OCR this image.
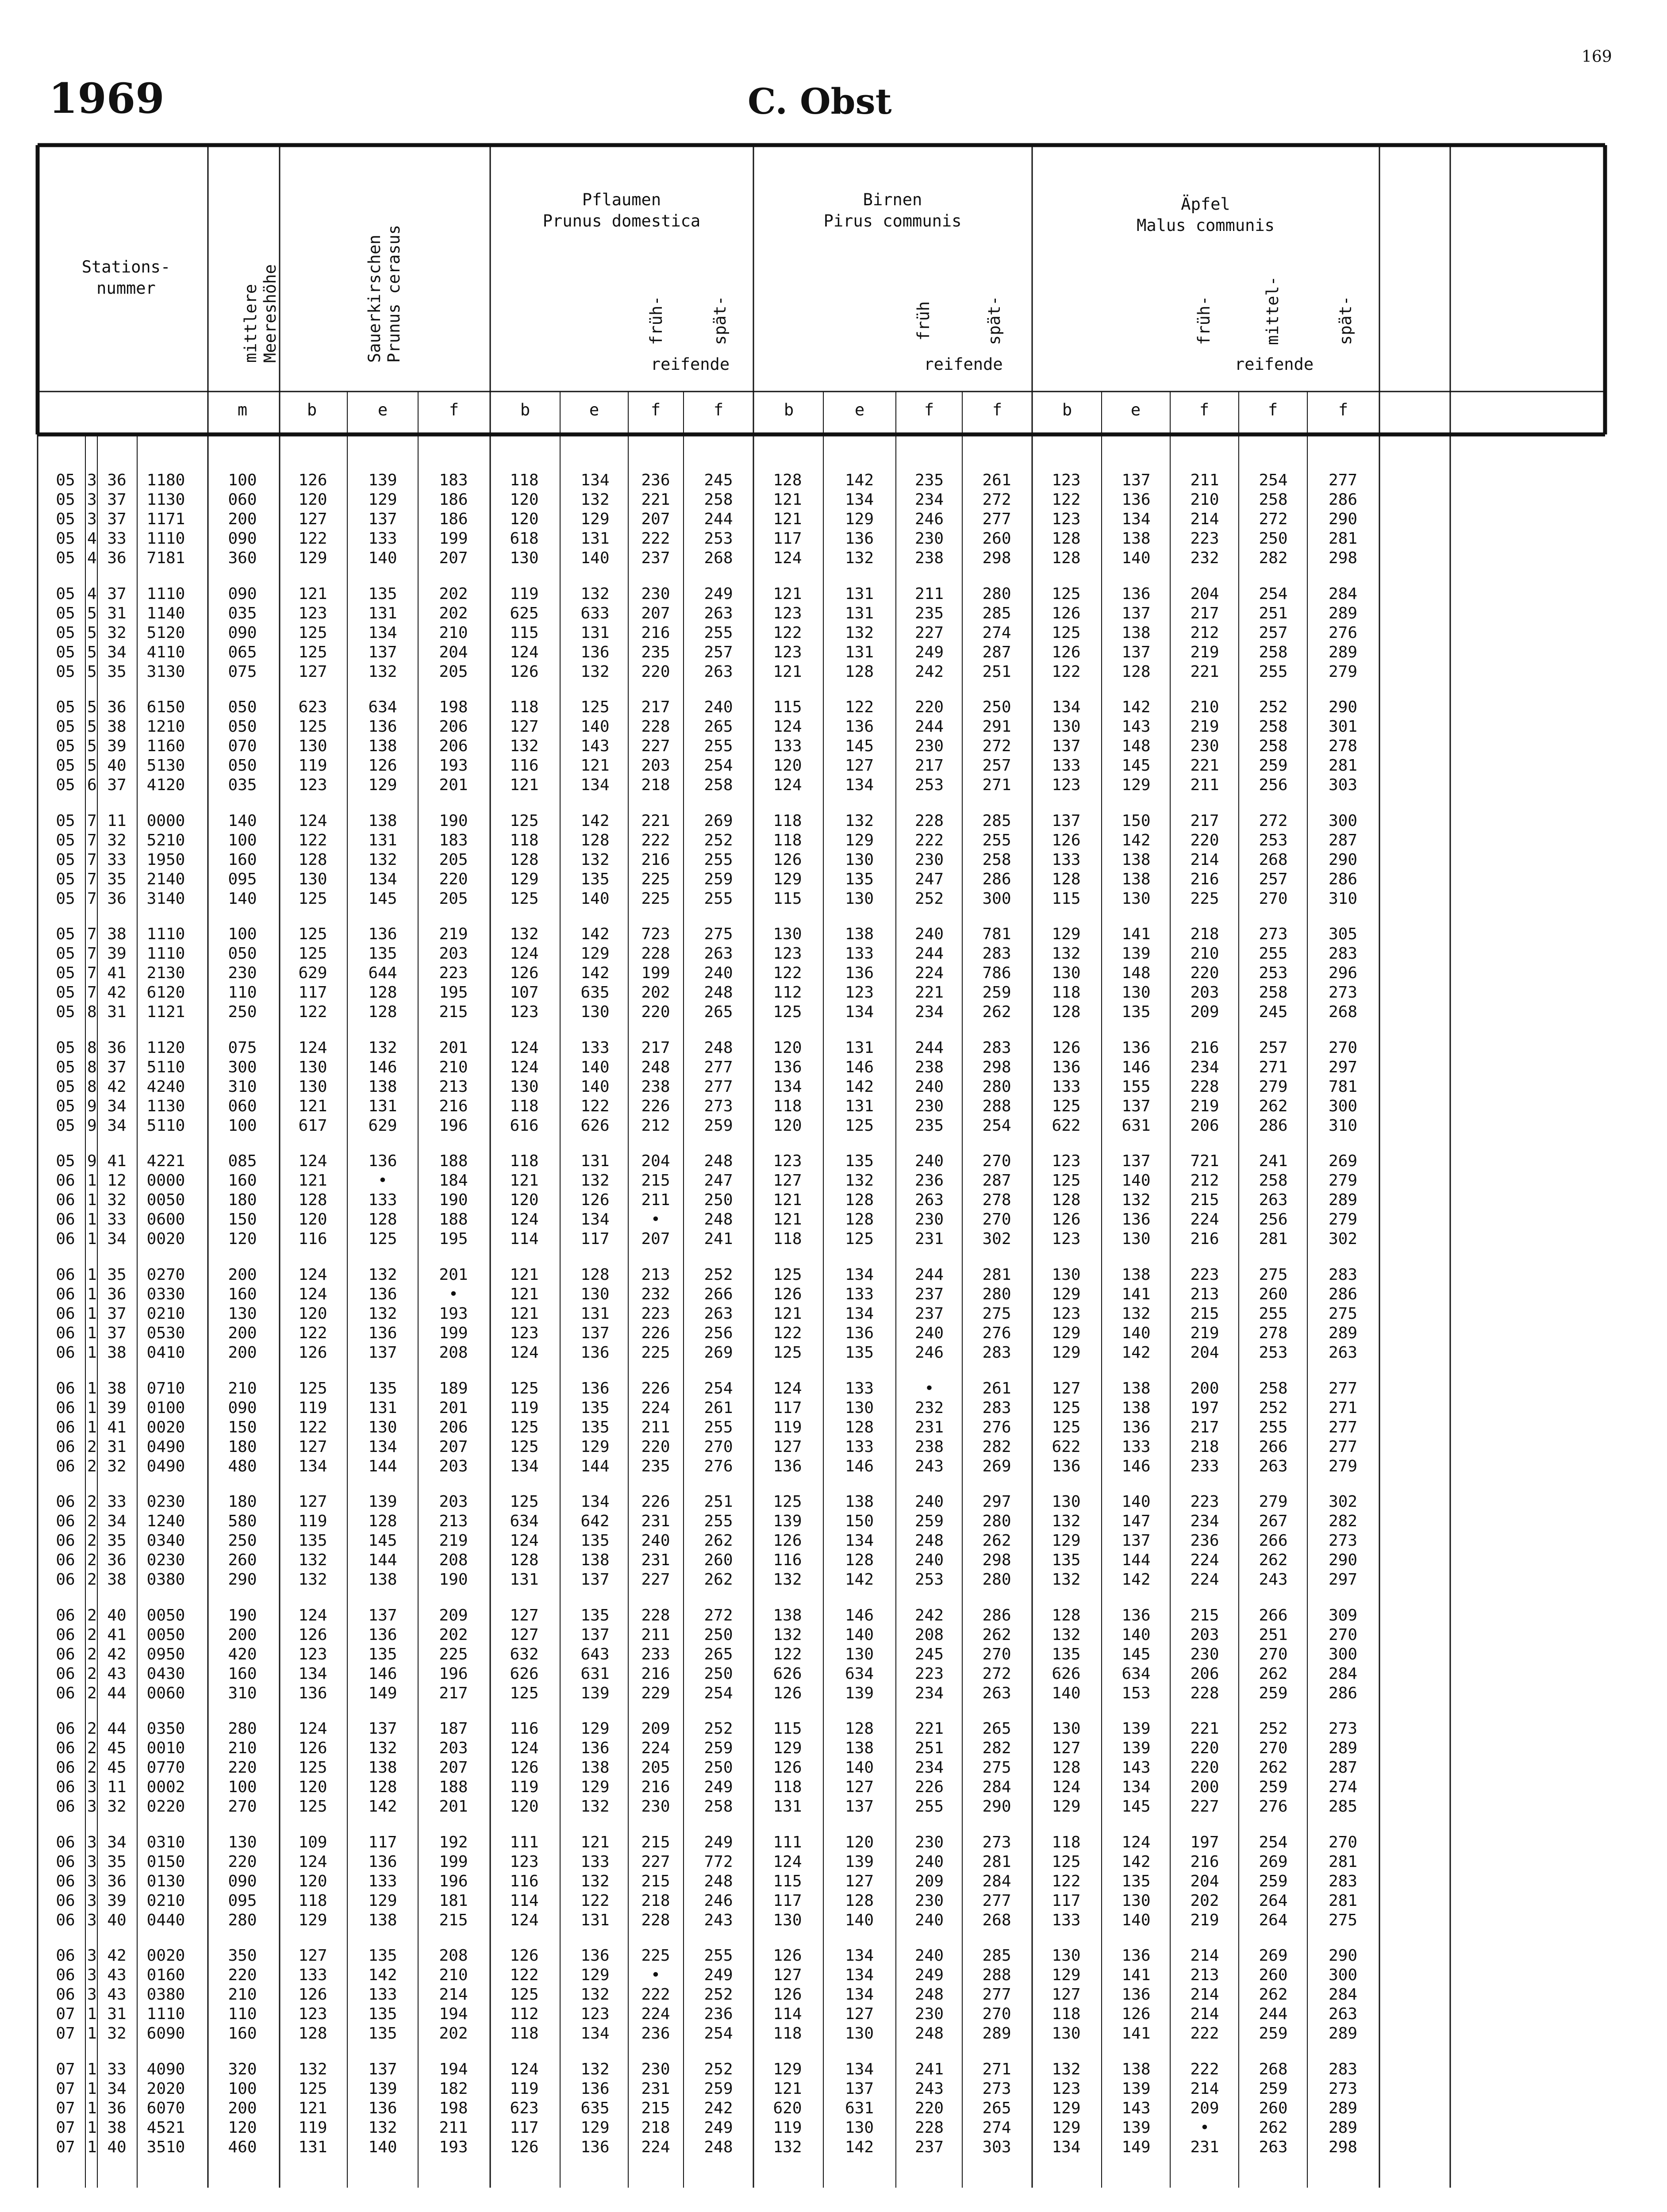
1969	C. Obst
169
Stations-
nummer	mittlere
Meereshöhe	Sauerkirschen
Prunus cerasus
Pflaumen
Prunus domestica
Birnen
Pirus communis
Äpfel
Malus communis
früh-	spät-	früh	spät-	früh-	mittel-	spät-
reifende	reifende	reifende
m	b	e	f	b	e	f	f	b	e	f	f	b	e	f	f	f
05 3 36	1180	100	126	139	183	118	134	236	245	128	142	235	261	123	137	211	254	277
05 3 37	1130	060	120	129	186	120	132	221	258	121	134	234	272	122	136	210	258	286
05 3 37	1171	200	127	137	186	120	129	207	244	121	129	246	277	123	134	214	272	290
05 4 33	1110	090	122	133	199	618	131	222	253	117	136	230	260	128	138	223	250	281
05 4 36	7181	360	129	140	207	130	140	237	268	124	132	238	298	128	140	232	282	298
05 4 37	1110	090	121	135	202	119	132	230	249	121	131	211	280	125	136	204	254	284
05 5 31	1140	035	123	131	202	625	633	207	263	123	131	235	285	126	137	217	251	289
05 5 32	5120	090	125	134	210	115	131	216	255	122	132	227	274	125	138	212	257	276
05 5 34	4110	065	125	137	204	124	136	235	257	123	131	249	287	126	137	219	258	289
05 5 35	3130	075	127	132	205	126	132	220	263	121	128	242	251	122	128	221	255	279
05 5 36	6150	050	623	634	198	118	125	217	240	115	122	220	250	134	142	210	252	290
05 5 38	1210	050	125	136	206	127	140	228	265	124	136	244	291	130	143	219	258	301
05 5 39	1160	070	130	138	206	132	143	227	255	133	145	230	272	137	148	230	258	278
05 5 40	5130	050	119	126	193	116	121	203	254	120	127	217	257	133	145	221	259	281
05 6 37	4120	035	123	129	201	121	134	218	258	124	134	253	271	123	129	211	256	303
05 7 11	0000	140	124	138	190	125	142	221	269	118	132	228	285	137	150	217	272	300
05 7 32	5210	100	122	131	183	118	128	222	252	118	129	222	255	126	142	220	253	287
05 7 33	1950	160	128	132	205	128	132	216	255	126	130	230	258	133	138	214	268	290
05 7 35	2140	095	130	134	220	129	135	225	259	129	135	247	286	128	138	216	257	286
05 7 36	3140	140	125	145	205	125	140	225	255	115	130	252	300	115	130	225	270	310
05 7 38	1110	100	125	136	219	132	142	723	275	130	138	240	781	129	141	218	273	305
05 7 39	1110	050	125	135	203	124	129	228	263	123	133	244	283	132	139	210	255	283
05 7 41	2130	230	629	644	223	126	142	199	240	122	136	224	786	130	148	220	253	296
05 7 42	6120	110	117	128	195	107	635	202	248	112	123	221	259	118	130	203	258	273
05 8 31	1121	250	122	128	215	123	130	220	265	125	134	234	262	128	135	209	245	268
05 8 36	1120	075	124	132	201	124	133	217	248	120	131	244	283	126	136	216	257	270
05 8 37	5110	300	130	146	210	124	140	248	277	136	146	238	298	136	146	234	271	297
05 8 42	4240	310	130	138	213	130	140	238	277	134	142	240	280	133	155	228	279	781
05 9 34	1130	060	121	131	216	118	122	226	273	118	131	230	288	125	137	219	262	300
05 9 34	5110	100	617	629	196	616	626	212	259	120	125	235	254	622	631	206	286	310
05 9 41	4221	085	124	136	188	118	131	204	248	123	135	240	270	123	137	721	241	269
06 1 12	0000	160	121	•	184	121	132	215	247	127	132	236	287	125	140	212	258	279
06 1 32	0050	180	128	133	190	120	126	211	250	121	128	263	278	128	132	215	263	289
06 1 33	0600	150	120	128	188	124	134	•	248	121	128	230	270	126	136	224	256	279
06 1 34	0020	120	116	125	195	114	117	207	241	118	125	231	302	123	130	216	281	302
06 1 35	0270	200	124	132	201	121	128	213	252	125	134	244	281	130	138	223	275	283
06 1 36	0330	160	124	136	•	121	130	232	266	126	133	237	280	129	141	213	260	286
06 1 37	0210	130	120	132	193	121	131	223	263	121	134	237	275	123	132	215	255	275
06 1 37	0530	200	122	136	199	123	137	226	256	122	136	240	276	129	140	219	278	289
06 1 38	0410	200	126	137	208	124	136	225	269	125	135	246	283	129	142	204	253	263
06 1 38	0710	210	125	135	189	125	136	226	254	124	133	•	261	127	138	200	258	277
06 1 39	0100	090	119	131	201	119	135	224	261	117	130	232	283	125	138	197	252	271
06 1 41	0020	150	122	130	206	125	135	211	255	119	128	231	276	125	136	217	255	277
06 2 31	0490	180	127	134	207	125	129	220	270	127	133	238	282	622	133	218	266	277
06 2 32	0490	480	134	144	203	134	144	235	276	136	146	243	269	136	146	233	263	279
06 2 33	0230	180	127	139	203	125	134	226	251	125	138	240	297	130	140	223	279	302
06 2 34	1240	580	119	128	213	634	642	231	255	139	150	259	280	132	147	234	267	282
06 2 35	0340	250	135	145	219	124	135	240	262	126	134	248	262	129	137	236	266	273
06 2 36	0230	260	132	144	208	128	138	231	260	116	128	240	298	135	144	224	262	290
06 2 38	0380	290	132	138	190	131	137	227	262	132	142	253	280	132	142	224	243	297
06 2 40	0050	190	124	137	209	127	135	228	272	138	146	242	286	128	136	215	266	309
06 2 41	0050	200	126	136	202	127	137	211	250	132	140	208	262	132	140	203	251	270
06 2 42	0950	420	123	135	225	632	643	233	265	122	130	245	270	135	145	230	270	300
06 2 43	0430	160	134	146	196	626	631	216	250	626	634	223	272	626	634	206	262	284
06 2 44	0060	310	136	149	217	125	139	229	254	126	139	234	263	140	153	228	259	286
06 2 44	0350	280	124	137	187	116	129	209	252	115	128	221	265	130	139	221	252	273
06 2 45	0010	210	126	132	203	124	136	224	259	129	138	251	282	127	139	220	270	289
06 2 45	0770	220	125	138	207	126	138	205	250	126	140	234	275	128	143	220	262	287
06 3 11	0002	100	120	128	188	119	129	216	249	118	127	226	284	124	134	200	259	274
06 3 32	0220	270	125	142	201	120	132	230	258	131	137	255	290	129	145	227	276	285
06 3 34	0310	130	109	117	192	111	121	215	249	111	120	230	273	118	124	197	254	270
06 3 35	0150	220	124	136	199	123	133	227	772	124	139	240	281	125	142	216	269	281
06 3 36	0130	090	120	133	196	116	132	215	248	115	127	209	284	122	135	204	259	283
06 3 39	0210	095	118	129	181	114	122	218	246	117	128	230	277	117	130	202	264	281
06 3 40	0440	280	129	138	215	124	131	228	243	130	140	240	268	133	140	219	264	275
06 3 42	0020	350	127	135	208	126	136	225	255	126	134	240	285	130	136	214	269	290
06 3 43	0160	220	133	142	210	122	129	•	249	127	134	249	288	129	141	213	260	300
06 3 43	0380	210	126	133	214	125	132	222	252	126	134	248	277	127	136	214	262	284
07 1 31	1110	110	123	135	194	112	123	224	236	114	127	230	270	118	126	214	244	263
07 1 32	6090	160	128	135	202	118	134	236	254	118	130	248	289	130	141	222	259	289
07 1 33	4090	320	132	137	194	124	132	230	252	129	134	241	271	132	138	222	268	283
07 1 34	2020	100	125	139	182	119	136	231	259	121	137	243	273	123	139	214	259	273
07 1 36	6070	200	121	136	198	623	635	215	242	620	631	220	265	129	143	209	260	289
07 1 38	4521	120	119	132	211	117	129	218	249	119	130	228	274	129	139	•	262	289
07 1 40	3510	460	131	140	193	126	136	224	248	132	142	237	303	134	149	231	263	298
